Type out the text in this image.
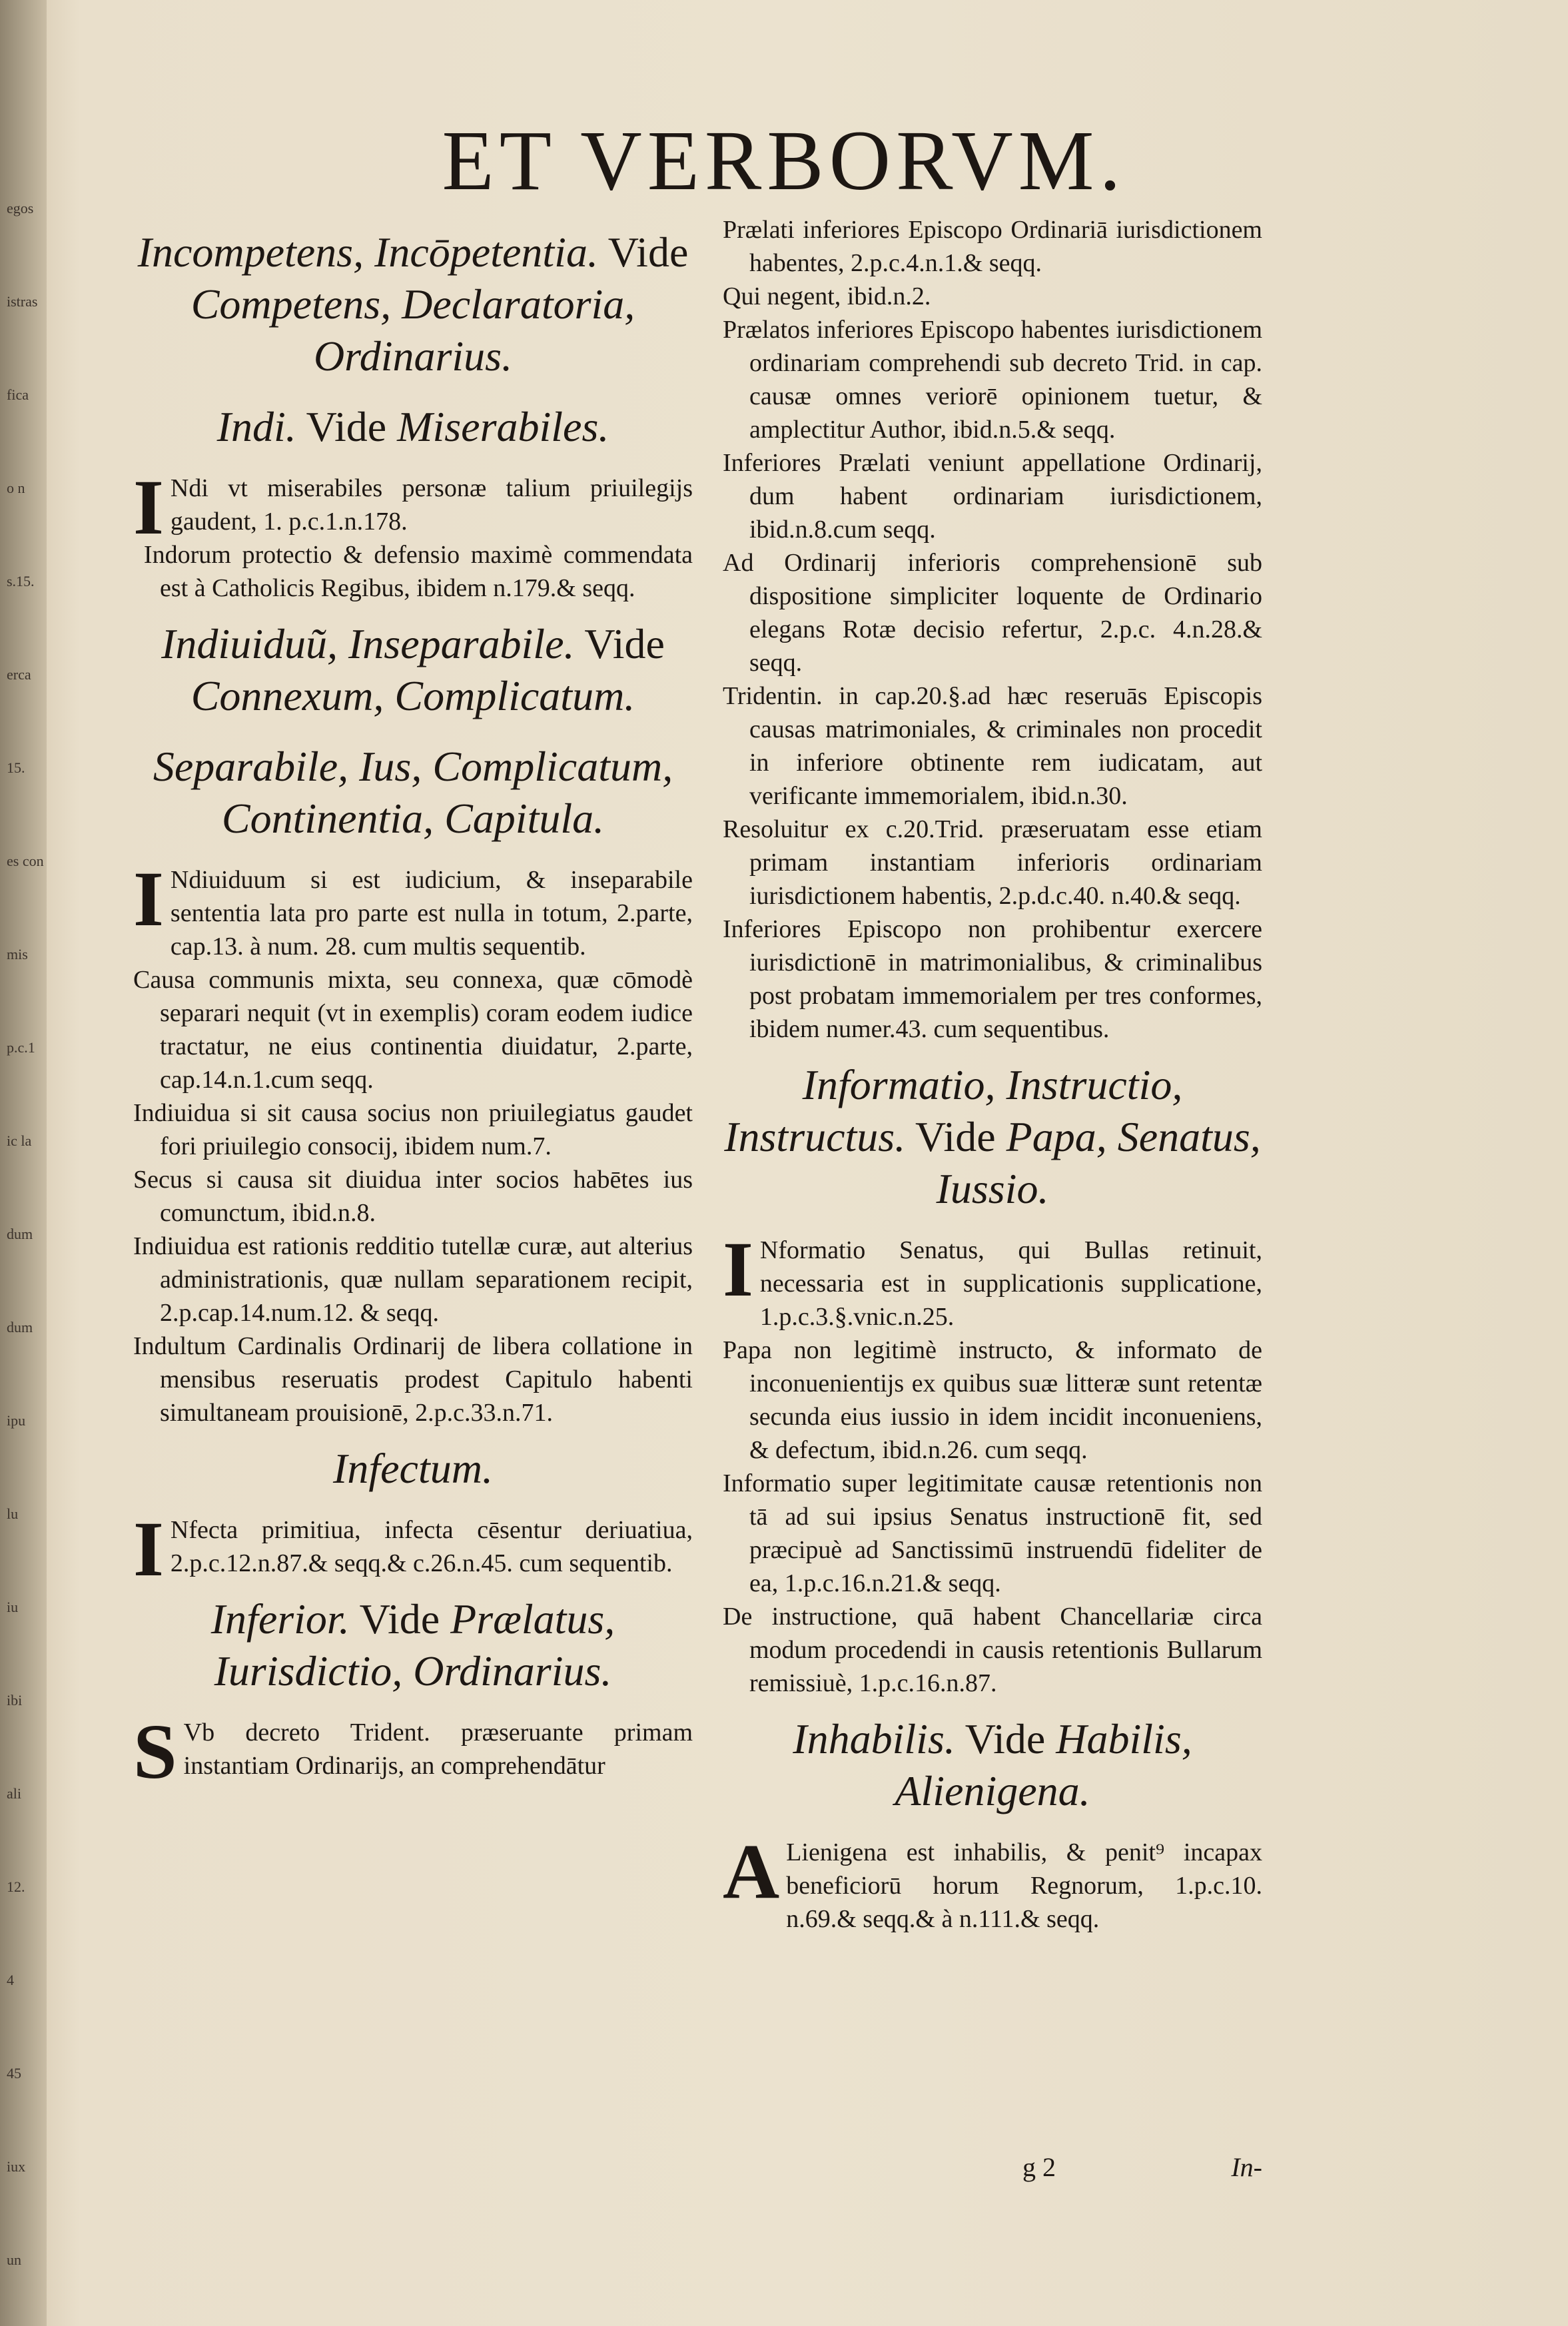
egos
istras
fica
o n
s.15.
erca
15.
es con
mis
p.c.1
ic la
dum
dum
ipu
lu
iu
ibi
ali
12.
4
45
iux
un
ET VERBORVM.
Incompetens, Incōpetentia. Vide Competens, Declaratoria, Ordinarius.
Indi. Vide Miserabiles.
I Ndi vt miserabiles personæ talium priuilegijs gaudent, 1. p.c.1.n.178.
Indorum protectio & defensio maximè commendata est à Catholicis Regibus, ibidem n.179.& seqq.
Indiuiduũ, Inseparabile. Vide Connexum, Complicatum.
Separabile, Ius, Complicatum, Continentia, Capitula.
I Ndiuiduum si est iudicium, & inseparabile sententia lata pro parte est nulla in totum, 2.parte, cap.13. à num. 28. cum multis sequentib.
Causa communis mixta, seu connexa, quæ cōmodè separari nequit (vt in exemplis) coram eodem iudice tractatur, ne eius continentia diuidatur, 2.parte, cap.14.n.1.cum seqq.
Indiuidua si sit causa socius non priuilegiatus gaudet fori priuilegio consocij, ibidem num.7.
Secus si causa sit diuidua inter socios habētes ius comunctum, ibid.n.8.
Indiuidua est rationis redditio tutellæ curæ, aut alterius administrationis, quæ nullam separationem recipit, 2.p.cap.14.num.12. & seqq.
Indultum Cardinalis Ordinarij de libera collatione in mensibus reseruatis prodest Capitulo habenti simultaneam prouisionē, 2.p.c.33.n.71.
Infectum.
I Nfecta primitiua, infecta cēsentur deriuatiua, 2.p.c.12.n.87.& seqq.& c.26.n.45. cum sequentib.
Inferior. Vide Prælatus, Iurisdictio, Ordinarius.
S Vb decreto Trident. præseruante primam instantiam Ordinarijs, an comprehendātur
Prælati inferiores Episcopo Ordinariā iurisdictionem habentes, 2.p.c.4.n.1.& seqq.
Qui negent, ibid.n.2.
Prælatos inferiores Episcopo habentes iurisdictionem ordinariam comprehendi sub decreto Trid. in cap. causæ omnes veriorē opinionem tuetur, & amplectitur Author, ibid.n.5.& seqq.
Inferiores Prælati veniunt appellatione Ordinarij, dum habent ordinariam iurisdictionem, ibid.n.8.cum seqq.
Ad Ordinarij inferioris comprehensionē sub dispositione simpliciter loquente de Ordinario elegans Rotæ decisio refertur, 2.p.c. 4.n.28.& seqq.
Tridentin. in cap.20.§.ad hæc reseruās Episcopis causas matrimoniales, & criminales non procedit in inferiore obtinente rem iudicatam, aut verificante immemorialem, ibid.n.30.
Resoluitur ex c.20.Trid. præseruatam esse etiam primam instantiam inferioris ordinariam iurisdictionem habentis, 2.p.d.c.40. n.40.& seqq.
Inferiores Episcopo non prohibentur exercere iurisdictionē in matrimonialibus, & criminalibus post probatam immemorialem per tres conformes, ibidem numer.43. cum sequentibus.
Informatio, Instructio, Instructus. Vide Papa, Senatus, Iussio.
I Nformatio Senatus, qui Bullas retinuit, necessaria est in supplicationis supplicatione, 1.p.c.3.§.vnic.n.25.
Papa non legitimè instructo, & informato de inconuenientijs ex quibus suæ litteræ sunt retentæ secunda eius iussio in idem incidit inconueniens, & defectum, ibid.n.26. cum seqq.
Informatio super legitimitate causæ retentionis non tā ad sui ipsius Senatus instructionē fit, sed præcipuè ad Sanctissimū instruendū fideliter de ea, 1.p.c.16.n.21.& seqq.
De instructione, quā habent Chancellariæ circa modum procedendi in causis retentionis Bullarum remissiuè, 1.p.c.16.n.87.
Inhabilis. Vide Habilis, Alienigena.
A Lienigena est inhabilis, & penit⁹ incapax beneficiorū horum Regnorum, 1.p.c.10. n.69.& seqq.& à n.111.& seqq.
g 2	In-
